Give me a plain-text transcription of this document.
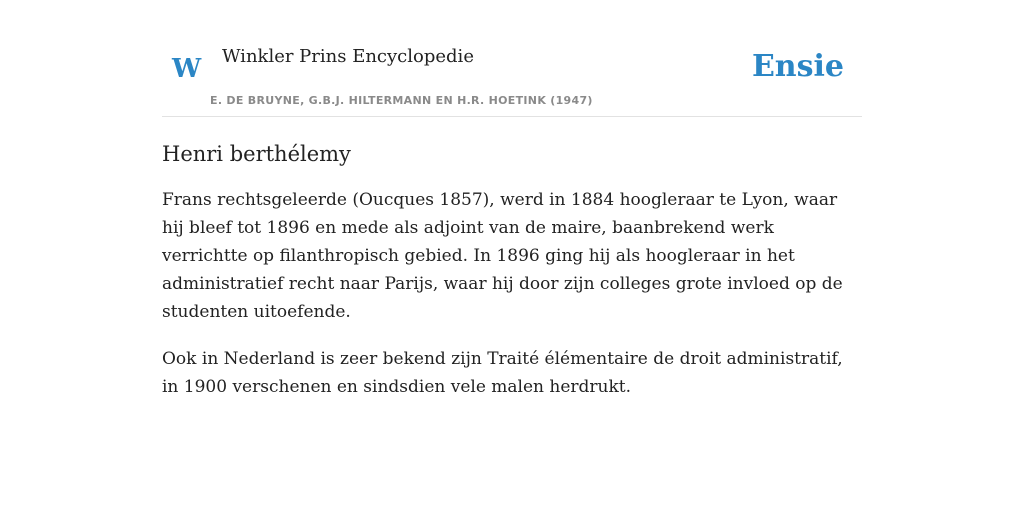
W Winkler Prins Encyclopedie
E. DE BRUYNE, G.B.J. HILTERMANN EN H.R. HOETINK (1947)
Ensie
Henri berthélemy

Frans rechtsgeleerde (Oucques 1857), werd in 1884 hoogleraar te Lyon, waar hij bleef tot 1896 en mede als adjoint van de maire, baanbrekend werk verrichtte op filanthropisch gebied. In 1896 ging hij als hoogleraar in het administratief recht naar Parijs, waar hij door zijn colleges grote invloed op de studenten uitoefende.

Ook in Nederland is zeer bekend zijn Traité élémentaire de droit administratif, in 1900 verschenen en sindsdien vele malen herdrukt.
